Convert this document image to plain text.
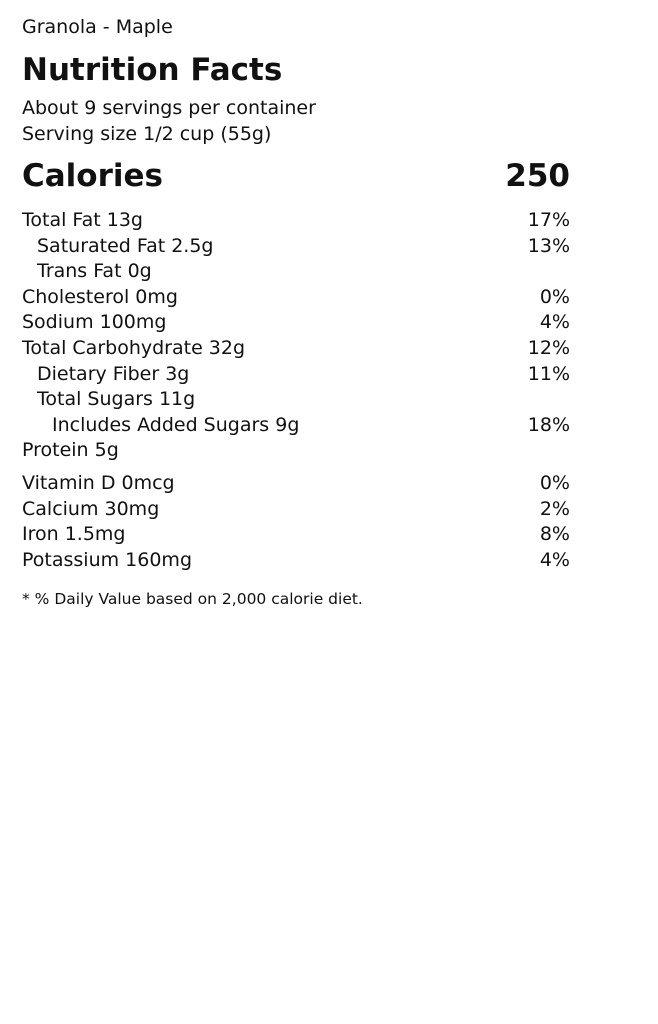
Granola - Maple
Nutrition Facts
About 9 servings per container
Serving size 1/2 cup (55g)
Calories	250
Total Fat 13g	17%
Saturated Fat 2.5g	13%
Trans Fat 0g
Cholesterol 0mg	0%
Sodium 100mg	4%
Total Carbohydrate 32g	12%
Dietary Fiber 3g	11%
Total Sugars 11g
Includes Added Sugars 9g	18%
Protein 5g
Vitamin D 0mcg	0%
Calcium 30mg	2%
Iron 1.5mg	8%
Potassium 160mg	4%
* % Daily Value based on 2,000 calorie diet.
